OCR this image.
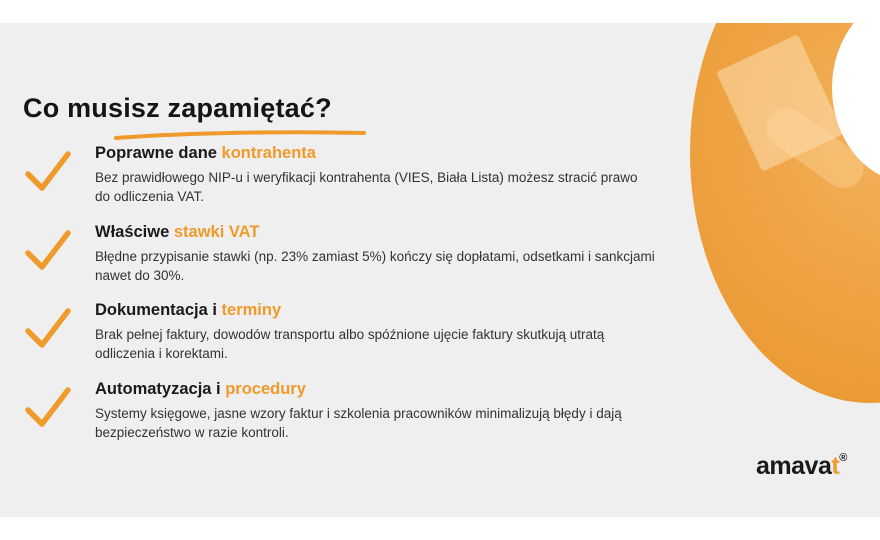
Co musisz zapamiętać?
Poprawne dane kontrahenta
Bez prawidłowego NIP-u i weryfikacji kontrahenta (VIES, Biała Lista) możesz stracić prawo do odliczenia VAT.
Właściwe stawki VAT
Błędne przypisanie stawki (np. 23% zamiast 5%) kończy się dopłatami, odsetkami i sankcjami nawet do 30%.
Dokumentacja i terminy
Brak pełnej faktury, dowodów transportu albo spóźnione ujęcie faktury skutkują utratą odliczenia i korektami.
Automatyzacja i procedury
Systemy księgowe, jasne wzory faktur i szkolenia pracowników minimalizują błędy i dają bezpieczeństwo w razie kontroli.
amavat®
